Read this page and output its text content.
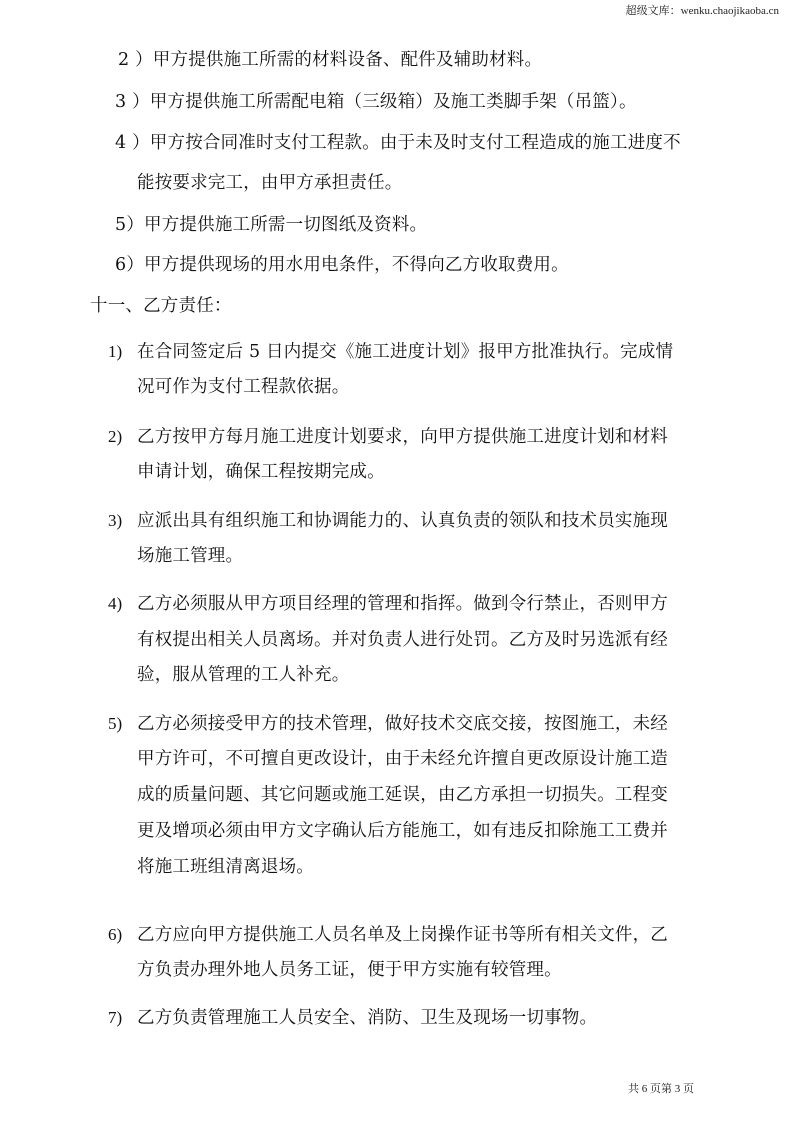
超级文库：wenku.chaojikaoba.cn
2 ）甲方提供施工所需的材料设备、配件及辅助材料。
3 ）甲方提供施工所需配电箱（三级箱）及施工类脚手架（吊篮）。
4 ）甲方按合同准时支付工程款。由于未及时支付工程造成的施工进度不
能按要求完工，由甲方承担责任。
5）甲方提供施工所需一切图纸及资料。
6）甲方提供现场的用水用电条件，不得向乙方收取费用。
十一、乙方责任：
1) 在合同签定后 5 日内提交《施工进度计划》报甲方批准执行。完成情
况可作为支付工程款依据。
2) 乙方按甲方每月施工进度计划要求，向甲方提供施工进度计划和材料
申请计划，确保工程按期完成。
3) 应派出具有组织施工和协调能力的、认真负责的领队和技术员实施现
场施工管理。
4) 乙方必须服从甲方项目经理的管理和指挥。做到令行禁止，否则甲方
有权提出相关人员离场。并对负责人进行处罚。乙方及时另选派有经
验，服从管理的工人补充。
5) 乙方必须接受甲方的技术管理，做好技术交底交接，按图施工，未经
甲方许可，不可擅自更改设计，由于未经允许擅自更改原设计施工造
成的质量问题、其它问题或施工延误，由乙方承担一切损失。工程变
更及增项必须由甲方文字确认后方能施工，如有违反扣除施工工费并
将施工班组清离退场。
6) 乙方应向甲方提供施工人员名单及上岗操作证书等所有相关文件，乙
方负责办理外地人员务工证，便于甲方实施有较管理。
7) 乙方负责管理施工人员安全、消防、卫生及现场一切事物。
共 6 页第 3 页
